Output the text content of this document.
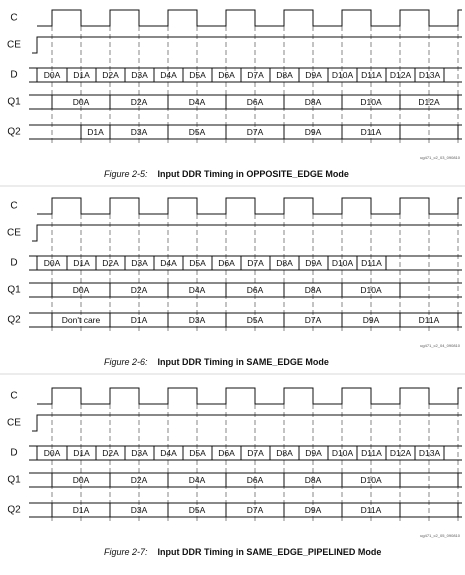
C
CE
D
Q1
Q2
D0A D1A D2A D3A D4A D5A D6A D7A D8A D9A D10A D11A D12A D13A
D0A	D2A	D4A	D6A	D8A	D10A	D12A
D1A	D3A	D5A	D7A	D9A	D11A
ug471_c2_03_090810
Figure 2-5: Input DDR Timing in OPPOSITE_EDGE Mode
C
CE
D
Q1
Q2
D0A D1A D2A D3A D4A D5A D6A D7A D8A D9A D10A D11A
D0A	D2A	D4A	D6A	D8A	D10A
Don't care	D1A	D3A	D5A	D7A	D9A	D11A
ug471_c2_04_090810
Figure 2-6: Input DDR Timing in SAME_EDGE Mode
C
CE
D
Q1
Q2
D0A D1A D2A D3A D4A D5A D6A D7A D8A D9A D10A D11A D12A D13A
D0A	D2A	D4A	D6A	D8A	D10A
D1A	D3A	D5A	D7A	D9A	D11A
ug471_c2_05_090810
Figure 2-7: Input DDR Timing in SAME_EDGE_PIPELINED Mode
